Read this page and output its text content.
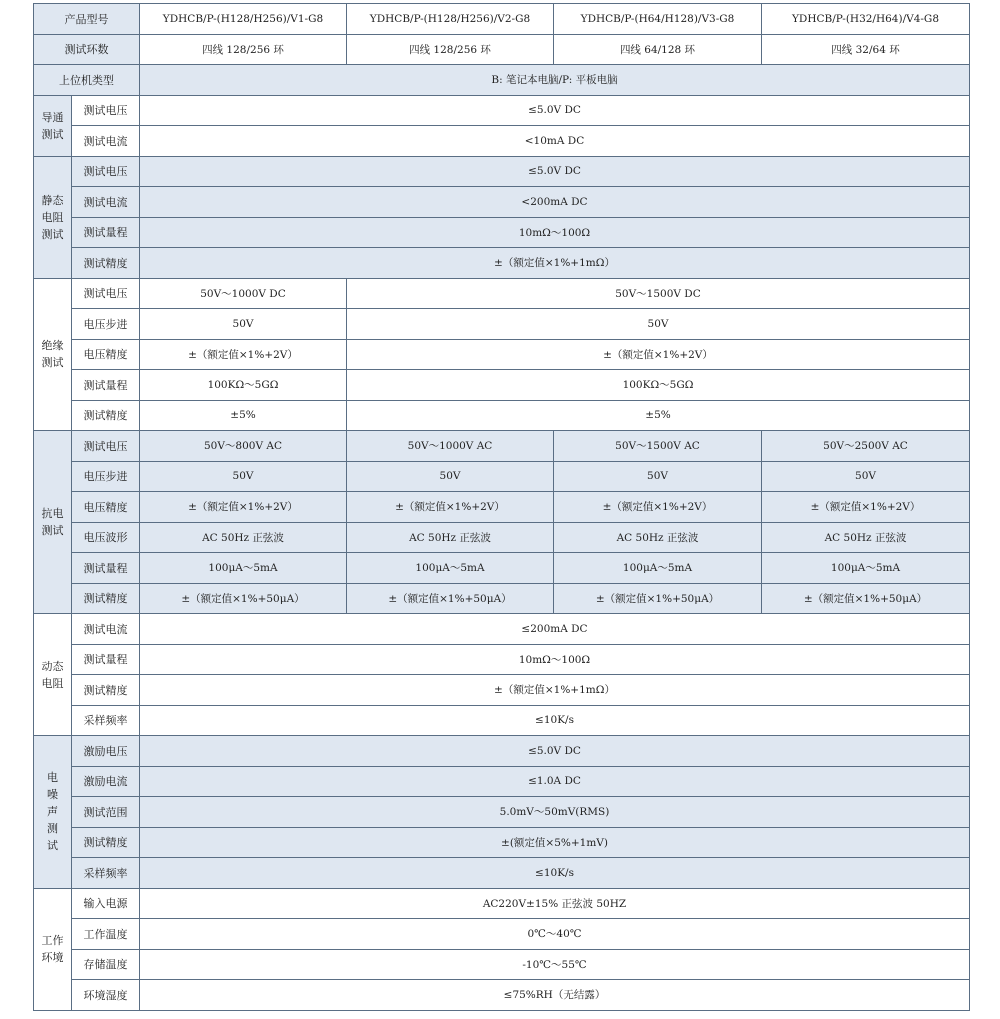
产品型号		YDHCB/P-(H128/H256)/V1-G8	YDHCB/P-(H128/H256)/V2-G8	YDHCB/P-(H64/H128)/V3-G8	YDHCB/P-(H32/H64)/V4-G8
测试环数		四线 128/256 环	四线 128/256 环	四线 64/128 环	四线 32/64 环
上位机类型		B: 笔记本电脑/P: 平板电脑			
导通测试	测试电压	≤5.0V DC			
	测试电流	<10mA DC			
静态电阻测试	测试电压	≤5.0V DC			
	测试电流	<200mA DC			
	测试量程	10mΩ～100Ω			
	测试精度	±（额定值×1%+1mΩ）			
绝缘测试	测试电压	50V～1000V DC	50V～1500V DC		
	电压步进	50V	50V		
	电压精度	±（额定值×1%+2V）	±（额定值×1%+2V）		
	测试量程	100KΩ～5GΩ	100KΩ～5GΩ		
	测试精度	±5%	±5%		
抗电测试	测试电压	50V～800V AC	50V～1000V AC	50V～1500V AC	50V～2500V AC
	电压步进	50V	50V	50V	50V
	电压精度	±（额定值×1%+2V）	±（额定值×1%+2V）	±（额定值×1%+2V）	±（额定值×1%+2V）
	电压波形	AC 50Hz 正弦波	AC 50Hz 正弦波	AC 50Hz 正弦波	AC 50Hz 正弦波
	测试量程	100μA～5mA	100μA～5mA	100μA～5mA	100μA～5mA
	测试精度	±（额定值×1%+50μA）	±（额定值×1%+50μA）	±（额定值×1%+50μA）	±（额定值×1%+50μA）
动态电阻	测试电流	≤200mA DC			
	测试量程	10mΩ～100Ω			
	测试精度	±（额定值×1%+1mΩ）			
	采样频率	≤10K/s			
电噪声测试	激励电压	≤5.0V DC			
	激励电流	≤1.0A DC			
	测试范围	5.0mV～50mV(RMS)			
	测试精度	±(额定值×5%+1mV)			
	采样频率	≤10K/s			
工作环境	输入电源	AC220V±15% 正弦波 50HZ			
	工作温度	0℃～40℃			
	存储温度	-10℃～55℃			
	环境湿度	≤75%RH（无结露）			
